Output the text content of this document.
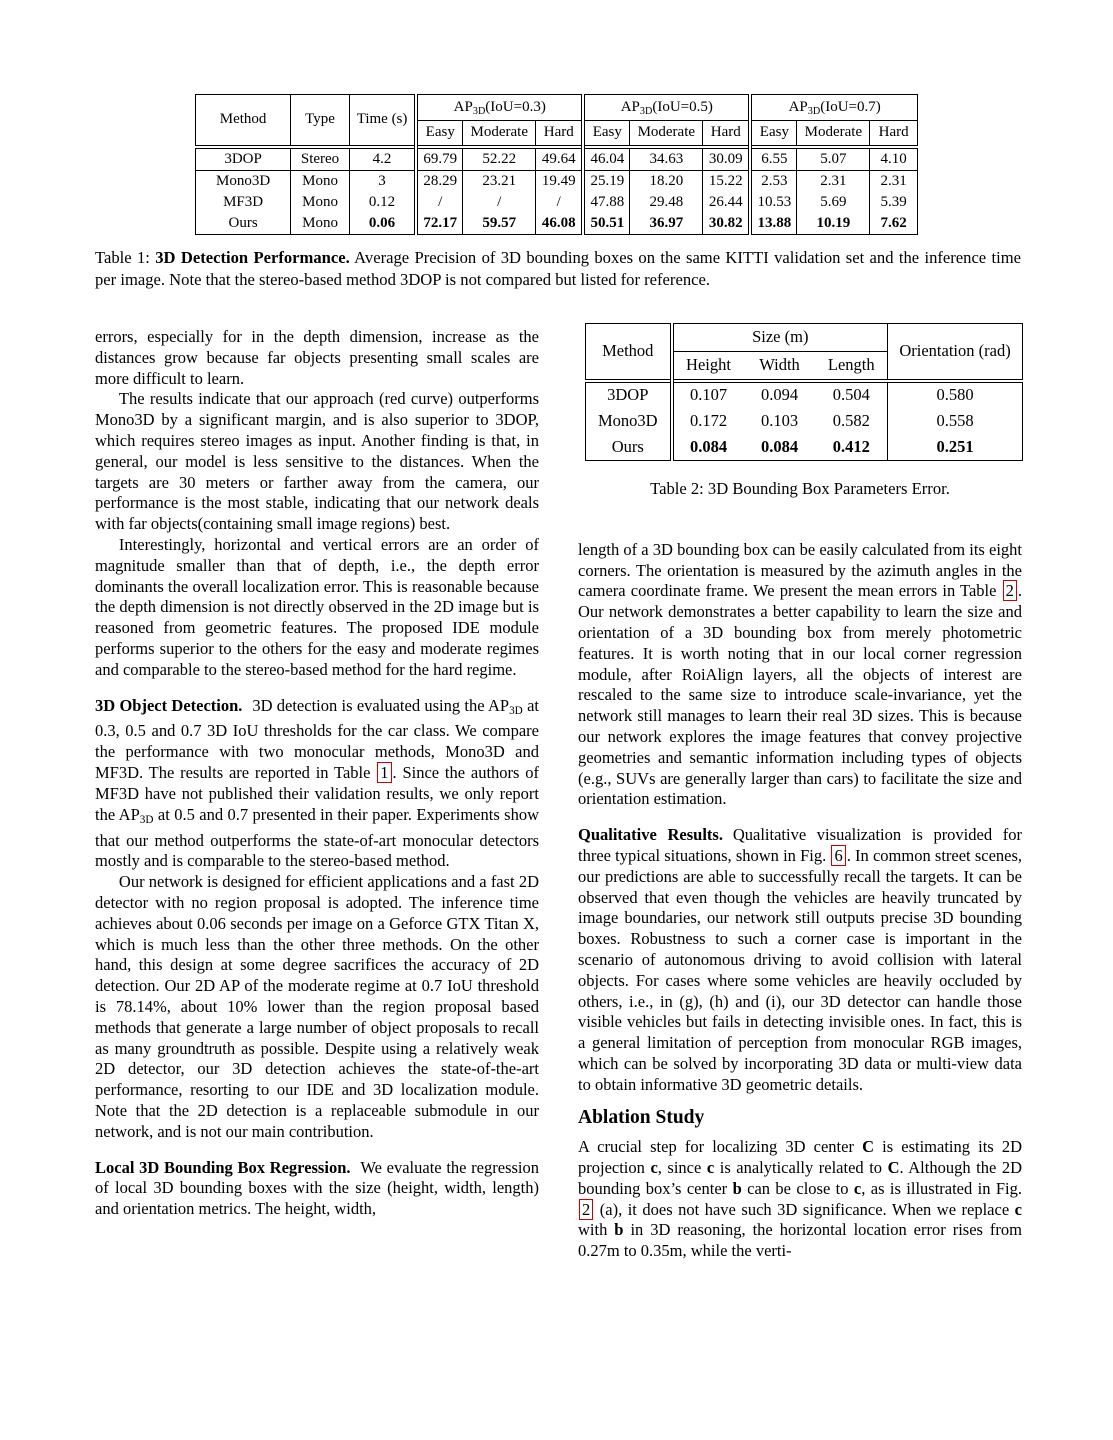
Method	Type	Time (s)	AP3D(IoU=0.3)			AP3D(IoU=0.5)			AP3D(IoU=0.7)		
			Easy	Moderate	Hard	Easy	Moderate	Hard	Easy	Moderate	Hard
3DOP	Stereo	4.2	69.79	52.22	49.64	46.04	34.63	30.09	6.55	5.07	4.10
Mono3D	Mono	3	28.29	23.21	19.49	25.19	18.20	15.22	2.53	2.31	2.31
MF3D	Mono	0.12	/	/	/	47.88	29.48	26.44	10.53	5.69	5.39
Ours	Mono	0.06	72.17	59.57	46.08	50.51	36.97	30.82	13.88	10.19	7.62

Table 1: 3D Detection Performance. Average Precision of 3D bounding boxes on the same KITTI validation set and the inference time per image. Note that the stereo-based method 3DOP is not compared but listed for reference.

errors, especially for in the depth dimension, increase as the distances grow because far objects presenting small scales are more difficult to learn.

The results indicate that our approach (red curve) outperforms Mono3D by a significant margin, and is also superior to 3DOP, which requires stereo images as input. Another finding is that, in general, our model is less sensitive to the distances. When the targets are 30 meters or farther away from the camera, our performance is the most stable, indicating that our network deals with far objects(containing small image regions) best.

Interestingly, horizontal and vertical errors are an order of magnitude smaller than that of depth, i.e., the depth error dominants the overall localization error. This is reasonable because the depth dimension is not directly observed in the 2D image but is reasoned from geometric features. The proposed IDE module performs superior to the others for the easy and moderate regimes and comparable to the stereo-based method for the hard regime.

3D Object Detection. 3D detection is evaluated using the AP3D at 0.3, 0.5 and 0.7 3D IoU thresholds for the car class. We compare the performance with two monocular methods, Mono3D and MF3D. The results are reported in Table 1 . Since the authors of MF3D have not published their validation results, we only report the AP3D at 0.5 and 0.7 presented in their paper. Experiments show that our method outperforms the state-of-art monocular detectors mostly and is comparable to the stereo-based method.

Our network is designed for efficient applications and a fast 2D detector with no region proposal is adopted. The inference time achieves about 0.06 seconds per image on a Geforce GTX Titan X, which is much less than the other three methods. On the other hand, this design at some degree sacrifices the accuracy of 2D detection. Our 2D AP of the moderate regime at 0.7 IoU threshold is 78.14%, about 10% lower than the region proposal based methods that generate a large number of object proposals to recall as many groundtruth as possible. Despite using a relatively weak 2D detector, our 3D detection achieves the state-of-the-art performance, resorting to our IDE and 3D localization module. Note that the 2D detection is a replaceable submodule in our network, and is not our main contribution.

Local 3D Bounding Box Regression. We evaluate the regression of local 3D bounding boxes with the size (height, width, length) and orientation metrics. The height, width,

Method	Size (m)			Orientation (rad)
	Height	Width	Length	
3DOP	0.107	0.094	0.504	0.580
Mono3D	0.172	0.103	0.582	0.558
Ours	0.084	0.084	0.412	0.251

Table 2: 3D Bounding Box Parameters Error.

length of a 3D bounding box can be easily calculated from its eight corners. The orientation is measured by the azimuth angles in the camera coordinate frame. We present the mean errors in Table 2 . Our network demonstrates a better capability to learn the size and orientation of a 3D bounding box from merely photometric features. It is worth noting that in our local corner regression module, after RoiAlign layers, all the objects of interest are rescaled to the same size to introduce scale-invariance, yet the network still manages to learn their real 3D sizes. This is because our network explores the image features that convey projective geometries and semantic information including types of objects (e.g., SUVs are generally larger than cars) to facilitate the size and orientation estimation.

Qualitative Results. Qualitative visualization is provided for three typical situations, shown in Fig. 6 . In common street scenes, our predictions are able to successfully recall the targets. It can be observed that even though the vehicles are heavily truncated by image boundaries, our network still outputs precise 3D bounding boxes. Robustness to such a corner case is important in the scenario of autonomous driving to avoid collision with lateral objects. For cases where some vehicles are heavily occluded by others, i.e., in (g), (h) and (i), our 3D detector can handle those visible vehicles but fails in detecting invisible ones. In fact, this is a general limitation of perception from monocular RGB images, which can be solved by incorporating 3D data or multi-view data to obtain informative 3D geometric details.

Ablation Study

A crucial step for localizing 3D center C is estimating its 2D projection c, since c is analytically related to C. Although the 2D bounding box’s center b can be close to c, as is illustrated in Fig. 2 (a), it does not have such 3D significance. When we replace c with b in 3D reasoning, the horizontal location error rises from 0.27m to 0.35m, while the verti-
